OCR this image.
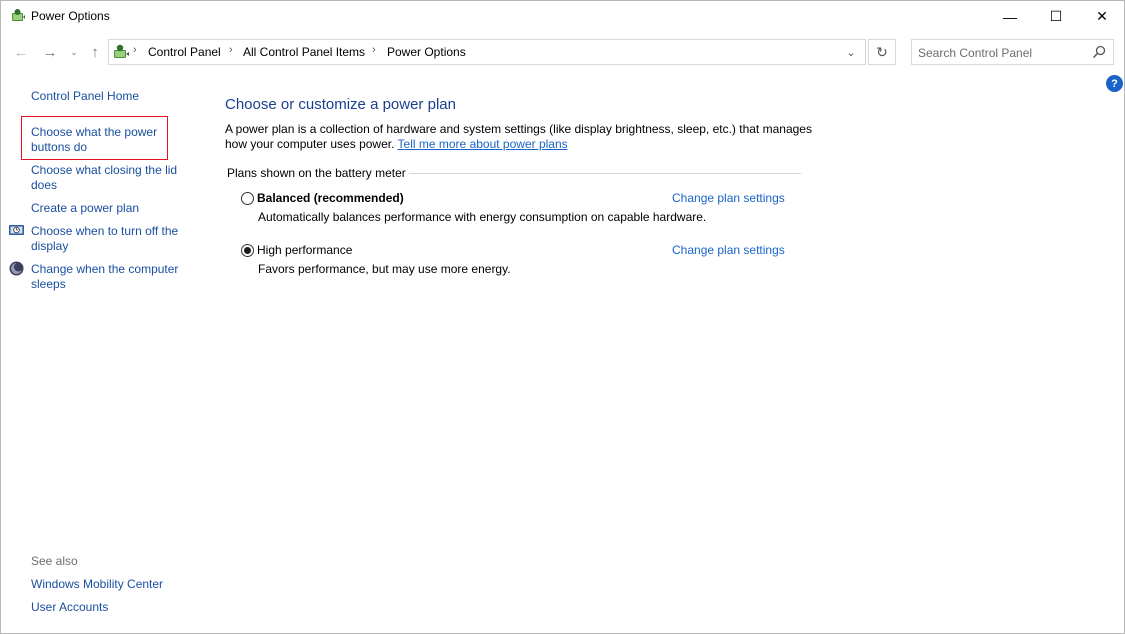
Power Options	—	☐	✕
← →	⌄ ↑	› Control Panel › All Control Panel Items › Power Options	⌄	↻
Search Control Panel
?
Control Panel Home
Choose what the power
buttons do
Choose what closing the lid
does
Create a power plan
Choose when to turn off the
display
Change when the computer
sleeps
See also
Windows Mobility Center
User Accounts
Choose or customize a power plan
A power plan is a collection of hardware and system settings (like display brightness, sleep, etc.) that manages
how your computer uses power. Tell me more about power plans
Plans shown on the battery meter
Balanced (recommended)
Automatically balances performance with energy consumption on capable hardware.
Change plan settings
High performance
Favors performance, but may use more energy.
Change plan settings
